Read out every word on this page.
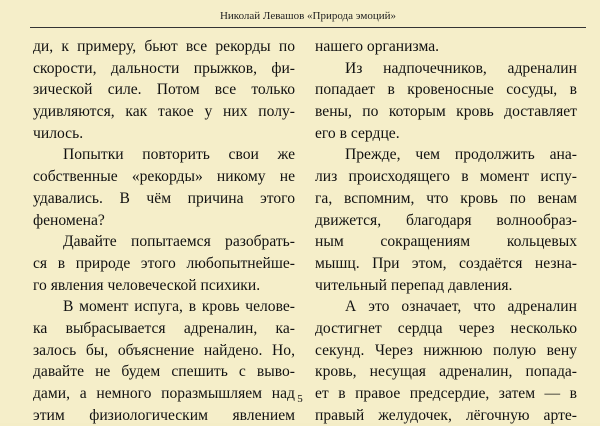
Николай Левашов «Природа эмоций»
ди, к примеру, бьют все рекорды по
скорости, дальности прыжков, фи-
зической силе. Потом все только
удивляются, как такое у них полу-
чилось.
Попытки повторить свои же
собственные «рекорды» никому не
удавались. В чём причина этого
феномена?
Давайте попытаемся разобрать-
ся в природе этого любопытнейше-
го явления человеческой психики.
В момент испуга, в кровь челове-
ка выбрасывается адреналин, ка-
залось бы, объяснение найдено. Но,
давайте не будем спешить с выво-
дами, а немного поразмышляем над
этим физиологическим явлением
нашего организма.
Из надпочечников, адреналин
попадает в кровеносные сосуды, в
вены, по которым кровь доставляет
его в сердце.
Прежде, чем продолжить ана-
лиз происходящего в момент испу-
га, вспомним, что кровь по венам
движется, благодаря волнообраз-
ным сокращениям кольцевых
мышц. При этом, создаётся незна-
чительный перепад давления.
А это означает, что адреналин
достигнет сердца через несколько
секунд. Через нижнюю полую вену
кровь, несущая адреналин, попада-
ет в правое предсердие, затем — в
правый желудочек, лёгочную арте-
5
